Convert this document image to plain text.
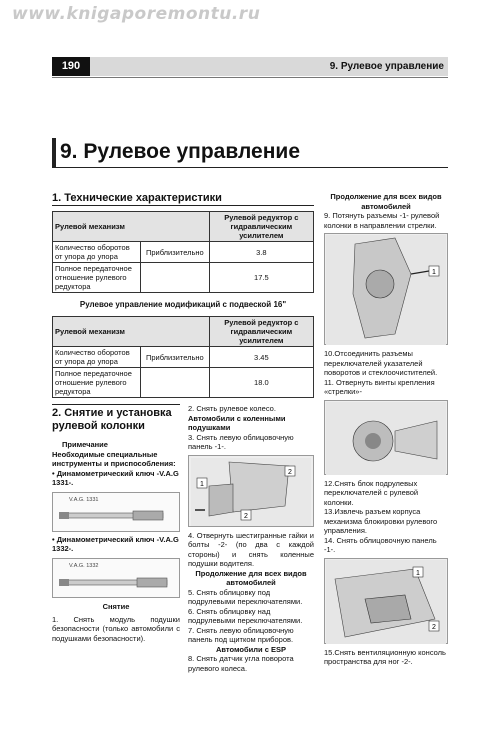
www.knigaporemontu.ru
190	9. Рулевое управление
9. Рулевое управление
1. Технические характеристики
Рулевой механизм		Рулевой редуктор с гидравлическим усилителем
Количество оборотов от упора до упора	Приблизительно	3.8
Полное передаточное отношение рулевого редуктора		17.5
Рулевое управление модификаций с подвеской 16"
Рулевой механизм		Рулевой редуктор с гидравлическим усилителем
Количество оборотов от упора до упора	Приблизительно	3.45
Полное передаточное отношение рулевого редуктора		18.0
2. Снятие и установка рулевой колонки
Примечание
Необходимые специальные инструменты и приспособления:
• Динамометрический ключ -V.A.G 1331-.
V.A.G. 1331
• Динамометрический ключ -V.A.G 1332-.
V.A.G. 1332
Снятие

1. Снять модуль подушки безопасности (только автомобили с подушками безопасности).

2. Снять рулевое колесо.

Автомобили с коленными подушками

3. Снять левую облицовочную панель -1-.

1
2
2

4. Отвернуть шестигранные гайки и болты -2- (по два с каждой стороны) и снять коленные подушки водителя.

Продолжение для всех видов автомобилей

5. Снять облицовку под подрулевыми переключателями.

6. Снять облицовку над подрулевыми переключателями.

7. Снять левую облицовочную панель под щитком приборов.

Автомобили с ESP

8. Снять датчик угла поворота рулевого колеса.

Продолжение для всех видов автомобилей

9. Потянуть разъемы -1- рулевой колонки в направлении стрелки.

1

10.Отсоединить разъемы переключателей указателей поворотов и стеклоочистителей.

11. Отвернуть винты крепления «стрелки»-

12.Снять блок подрулевых переключателей с рулевой колонки.

13.Извлечь разъем корпуса механизма блокировки рулевого управления.

14. Снять облицовочную панель -1-.

1
2

15.Снять вентиляционную консоль пространства для ног -2-.
